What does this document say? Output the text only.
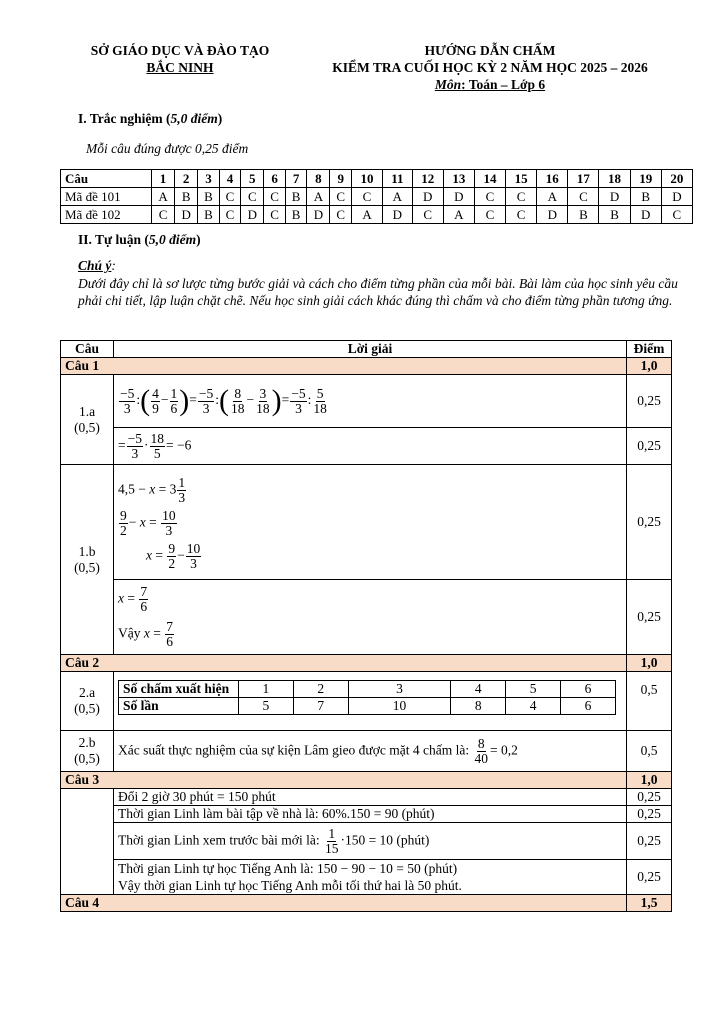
SỞ GIÁO DỤC VÀ ĐÀO TẠO
BẮC NINH
HƯỚNG DẪN CHẤM
KIỂM TRA CUỐI HỌC KỲ 2 NĂM HỌC 2025 – 2026
Môn: Toán – Lớp 6
I. Trắc nghiệm (5,0 điểm)
Mỗi câu đúng được 0,25 điểm
Câu	1	2	3	4	5	6	7	8	9	10	11	12	13	14	15	16	17	18	19	20
Mã đề 101	A	B	B	C	C	C	B	A	C	C	A	D	D	C	C	A	C	D	B	D
Mã đề 102	C	D	B	C	D	C	B	D	C	A	D	C	A	C	C	D	B	B	D	C
II. Tự luận (5,0 điểm)
Chú ý:
Dưới đây chỉ là sơ lược từng bước giải và cách cho điểm từng phần của mỗi bài. Bài làm của học sinh yêu cầu phải chi tiết, lập luận chặt chẽ. Nếu học sinh giải cách khác đúng thì chấm và cho điểm từng phần tương ứng.
Câu	Lời giải	Điểm
Câu 1	1,0

1.a
(0,5)

$\frac{-5}{3}$ :( $\frac{4}{9} - \frac{1}{6}$ )= $\frac{-5}{3}$ :( $\frac{8}{18} - \frac{3}{18}$ )= $\frac{-5}{3}$ : $\frac{5}{18}$	0,25
= $\frac{-5}{3} \cdot \frac{18}{5} = -6$	0,25

1.b
(0,5)

$4,5 - x = 3 \frac{1}{3}$
$\frac{9}{2} - x = \frac{10}{3}$
$x = \frac{9}{2} - \frac{10}{3}$
	0,25

$x = \frac{7}{6}$
Vậy $x = \frac{7}{6}$
	0,25
Câu 2	1,0

2.a
(0,5)

Số chấm xuất hiện	1	2	3	4	5	6
Số lần	5	7	10	8	4	6
	0,5

2.b
(0,5)
	Xác suất thực nghiệm của sự kiện Lâm gieo được mặt 4 chấm là: $\frac{8}{40} = 0,2$	0,5
Câu 3	1,0
	Đổi 2 giờ 30 phút = 150 phút	0,25
Thời gian Linh làm bài tập về nhà là: 60%.150 = 90 (phút)	0,25
Thời gian Linh xem trước bài mới là: $\frac{1}{15} \cdot 150 = 10$ (phút)	0,25

Thời gian Linh tự học Tiếng Anh là: 150 − 90 − 10 = 50 (phút)
Vậy thời gian Linh tự học Tiếng Anh mỗi tối thứ hai là 50 phút.
	0,25
Câu 4	1,5
